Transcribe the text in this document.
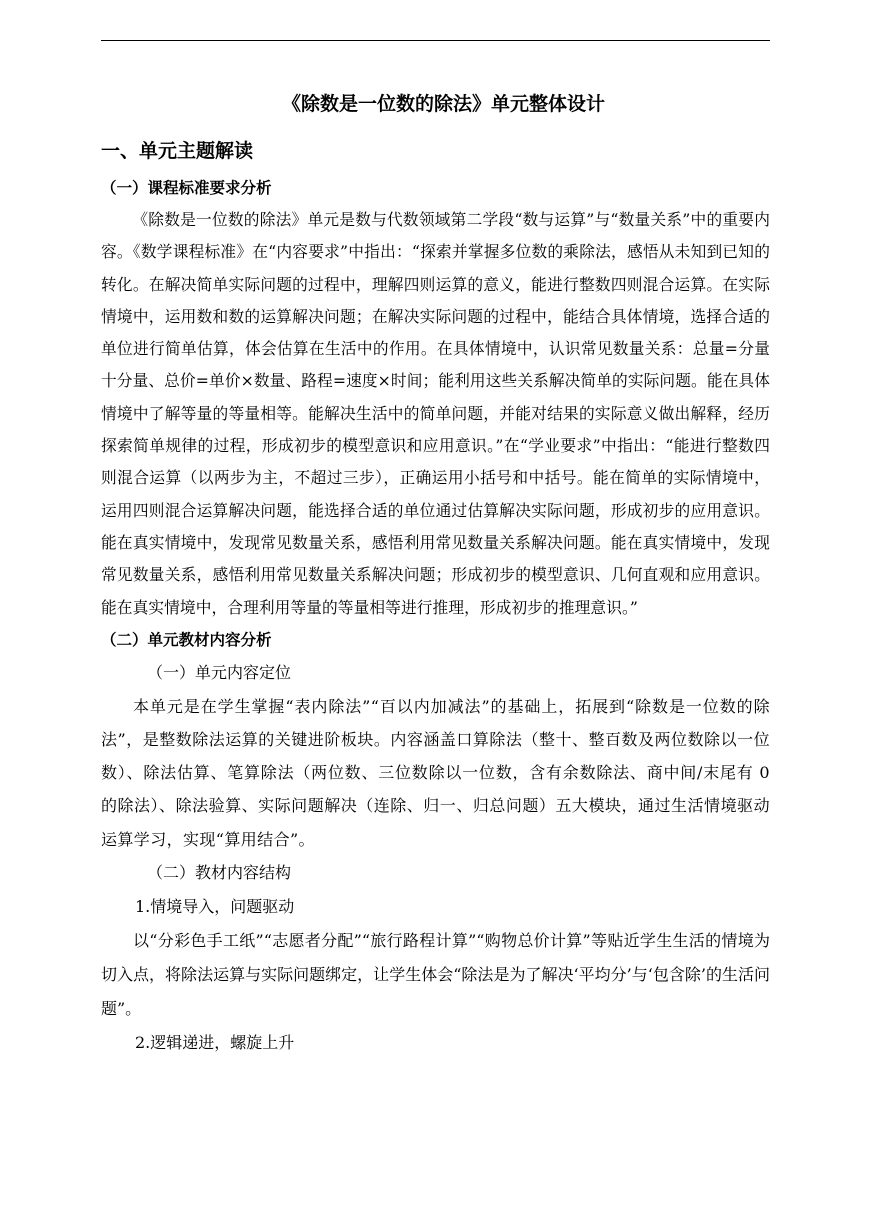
《除数是一位数的除法》单元整体设计
一、单元主题解读
（一）课程标准要求分析

《除数是一位数的除法》单元是数与代数领域第二学段“数与运算”与“数量关系”中的重要内容。《数学课程标准》在“内容要求”中指出：“探索并掌握多位数的乘除法，感悟从未知到已知的转化。在解决简单实际问题的过程中，理解四则运算的意义，能进行整数四则混合运算。在实际情境中，运用数和数的运算解决问题；在解决实际问题的过程中，能结合具体情境，选择合适的单位进行简单估算，体会估算在生活中的作用。在具体情境中，认识常见数量关系：总量=分量十分量、总价=单价×数量、路程=速度×时间；能利用这些关系解决简单的实际问题。能在具体情境中了解等量的等量相等。能解决生活中的简单问题，并能对结果的实际意义做出解释，经历探索简单规律的过程，形成初步的模型意识和应用意识。”在“学业要求”中指出：“能进行整数四则混合运算（以两步为主，不超过三步），正确运用小括号和中括号。能在简单的实际情境中，运用四则混合运算解决问题，能选择合适的单位通过估算解决实际问题，形成初步的应用意识。能在真实情境中，发现常见数量关系，感悟利用常见数量关系解决问题。能在真实情境中，发现常见数量关系，感悟利用常见数量关系解决问题；形成初步的模型意识、几何直观和应用意识。能在真实情境中，合理利用等量的等量相等进行推理，形成初步的推理意识。”

（二）单元教材内容分析

（一）单元内容定位

本单元是在学生掌握“表内除法”“百以内加减法”的基础上，拓展到“除数是一位数的除法”，是整数除法运算的关键进阶板块。内容涵盖口算除法（整十、整百数及两位数除以一位数）、除法估算、笔算除法（两位数、三位数除以一位数，含有余数除法、商中间/末尾有 0 的除法）、除法验算、实际问题解决（连除、归一、归总问题）五大模块，通过生活情境驱动运算学习，实现“算用结合”。

（二）教材内容结构

1.情境导入，问题驱动

以“分彩色手工纸”“志愿者分配”“旅行路程计算”“购物总价计算”等贴近学生生活的情境为切入点，将除法运算与实际问题绑定，让学生体会“除法是为了解决‘平均分’与‘包含除’的生活问题”。

2.逻辑递进，螺旋上升
